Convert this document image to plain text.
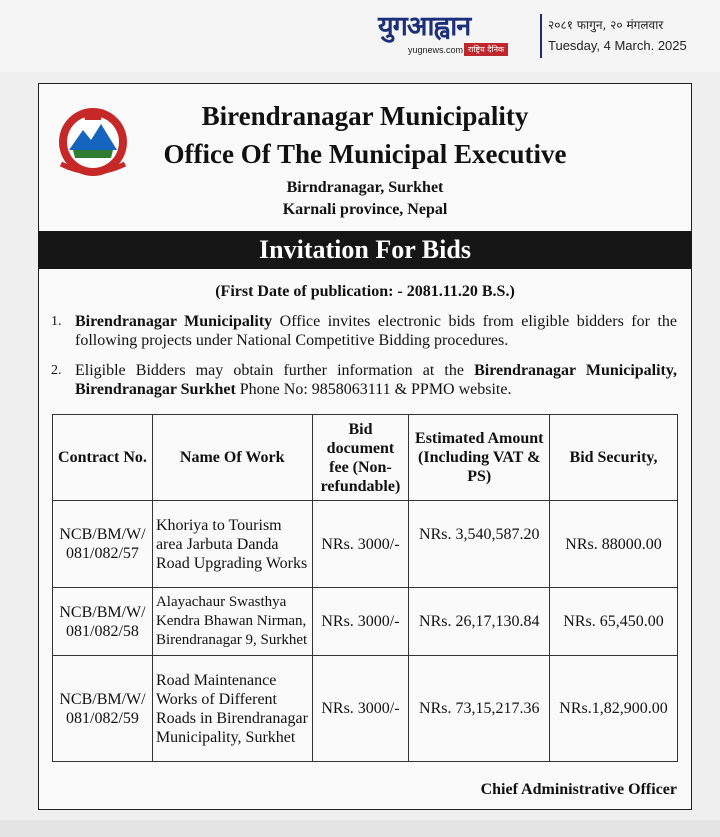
युगआह्वान
yugnews.com राष्ट्रिय दैनिक
२०८१ फागुन, २० मंगलवार
Tuesday, 4 March. 2025
Birendranagar Municipality
Office Of The Municipal Executive
Birndranagar, Surkhet
Karnali province, Nepal
Invitation For Bids
(First Date of publication: - 2081.11.20 B.S.)
1. Birendranagar Municipality Office invites electronic bids from eligible bidders for the following projects under National Competitive Bidding procedures.
2. Eligible Bidders may obtain further information at the Birendranagar Municipality, Birendranagar Surkhet Phone No: 9858063111 & PPMO website.
Contract No.	Name Of Work	Bid document fee (Non-refundable)	Estimated Amount (Including VAT & PS)	Bid Security,
NCB/BM/W/ 081/082/57	Khoriya to Tourism area Jarbuta Danda Road Upgrading Works	NRs. 3000/-	NRs. 3,540,587.20	NRs. 88000.00
NCB/BM/W/ 081/082/58	Alayachaur Swasthya Kendra Bhawan Nirman, Birendranagar 9, Surkhet	NRs. 3000/-	NRs. 26,17,130.84	NRs. 65,450.00
NCB/BM/W/ 081/082/59	Road Maintenance Works of Different Roads in Birendranagar Municipality, Surkhet	NRs. 3000/-	NRs. 73,15,217.36	NRs.1,82,900.00
Chief Administrative Officer
